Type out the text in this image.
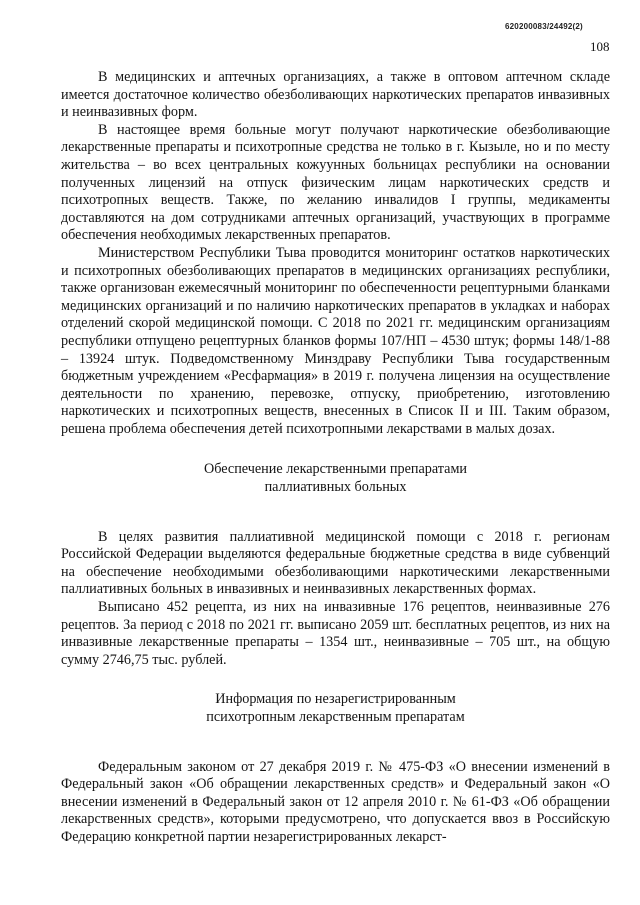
620200083/24492(2)
108

В медицинских и аптечных организациях, а также в оптовом аптечном складе имеется достаточное количество обезболивающих наркотических препаратов инвазивных и неинвазивных форм.

В настоящее время больные могут получают наркотические обезболивающие лекарственные препараты и психотропные средства не только в г. Кызыле, но и по месту жительства – во всех центральных кожуунных больницах республики на основании полученных лицензий на отпуск физическим лицам наркотических средств и психотропных веществ. Также, по желанию инвалидов I группы, медикаменты доставляются на дом сотрудниками аптечных организаций, участвующих в программе обеспечения необходимых лекарственных препаратов.

Министерством Республики Тыва проводится мониторинг остатков наркотических и психотропных обезболивающих препаратов в медицинских организациях республики, также организован ежемесячный мониторинг по обеспеченности рецептурными бланками медицинских организаций и по наличию наркотических препаратов в укладках и наборах отделений скорой медицинской помощи. С 2018 по 2021 гг. медицинским организациям республики отпущено рецептурных бланков формы 107/НП – 4530 штук; формы 148/1-88 – 13924 штук. Подведомственному Минздраву Республики Тыва государственным бюджетным учреждением «Ресфармация» в 2019 г. получена лицензия на осуществление деятельности по хранению, перевозке, отпуску, приобретению, изготовлению наркотических и психотропных веществ, внесенных в Список II и III. Таким образом, решена проблема обеспечения детей психотропными лекарствами в малых дозах.

Обеспечение лекарственными препаратами
паллиативных больных

В целях развития паллиативной медицинской помощи с 2018 г. регионам Российской Федерации выделяются федеральные бюджетные средства в виде субвенций на обеспечение необходимыми обезболивающими наркотическими лекарственными паллиативных больных в инвазивных и неинвазивных лекарственных формах.

Выписано 452 рецепта, из них на инвазивные 176 рецептов, неинвазивные 276 рецептов. За период с 2018 по 2021 гг. выписано 2059 шт. бесплатных рецептов, из них на инвазивные лекарственные препараты – 1354 шт., неинвазивные – 705 шт., на общую сумму 2746,75 тыс. рублей.

Информация по незарегистрированным
психотропным лекарственным препаратам

Федеральным законом от 27 декабря 2019 г. № 475-ФЗ «О внесении изменений в Федеральный закон «Об обращении лекарственных средств» и Федеральный закон «О внесении изменений в Федеральный закон от 12 апреля 2010 г. № 61-ФЗ «Об обращении лекарственных средств», которыми предусмотрено, что допускается ввоз в Российскую Федерацию конкретной партии незарегистрированных лекарст-
